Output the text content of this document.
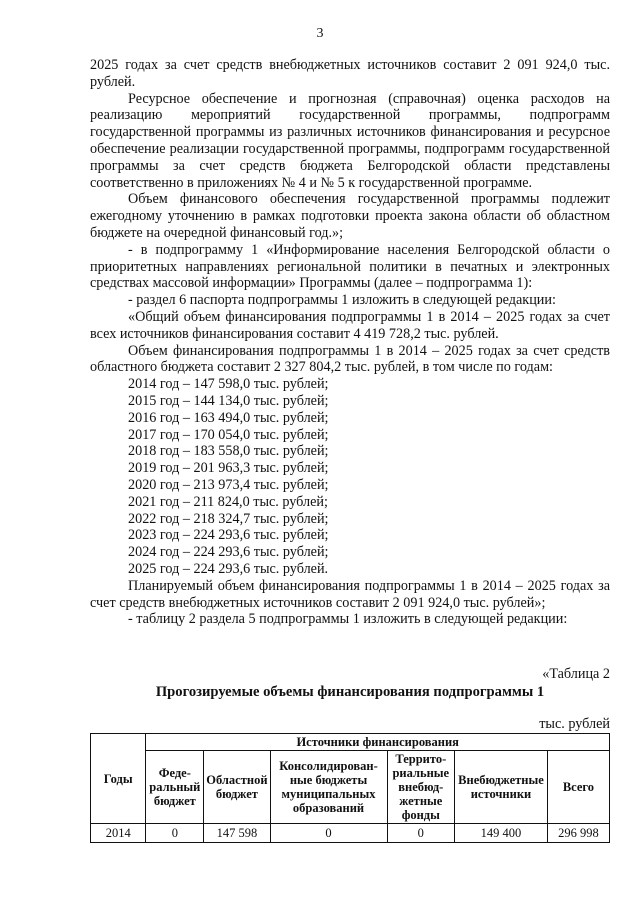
3

2025 годах за счет средств внебюджетных источников составит 2 091 924,0 тыс. рублей.

Ресурсное обеспечение и прогнозная (справочная) оценка расходов на реализацию мероприятий государственной программы, подпрограмм государственной программы из различных источников финансирования и ресурсное обеспечение реализации государственной программы, подпрограмм государственной программы за счет средств бюджета Белгородской области представлены соответственно в приложениях № 4 и № 5 к государственной программе.

Объем финансового обеспечения государственной программы подлежит ежегодному уточнению в рамках подготовки проекта закона области об областном бюджете на очередной финансовый год.»;

- в подпрограмму 1 «Информирование населения Белгородской области о приоритетных направлениях региональной политики в печатных и электронных средствах массовой информации» Программы (далее – подпрограмма 1):

- раздел 6 паспорта подпрограммы 1 изложить в следующей редакции:

«Общий объем финансирования подпрограммы 1 в 2014 – 2025 годах за счет всех источников финансирования составит 4 419 728,2 тыс. рублей.

Объем финансирования подпрограммы 1 в 2014 – 2025 годах за счет средств областного бюджета составит 2 327 804,2 тыс. рублей, в том числе по годам:

2014 год – 147 598,0 тыс. рублей;
2015 год – 144 134,0 тыс. рублей;
2016 год – 163 494,0 тыс. рублей;
2017 год – 170 054,0 тыс. рублей;
2018 год – 183 558,0 тыс. рублей;
2019 год – 201 963,3 тыс. рублей;
2020 год – 213 973,4 тыс. рублей;
2021 год – 211 824,0 тыс. рублей;
2022 год – 218 324,7 тыс. рублей;
2023 год – 224 293,6 тыс. рублей;
2024 год – 224 293,6 тыс. рублей;
2025 год – 224 293,6 тыс. рублей.

Планируемый объем финансирования подпрограммы 1 в 2014 – 2025 годах за счет средств внебюджетных источников составит 2 091 924,0 тыс. рублей»;

- таблицу 2 раздела 5 подпрограммы 1 изложить в следующей редакции:

«Таблица 2
Прогозируемые объемы финансирования подпрограммы 1
тыс. рублей
Годы	Источники финансирования					
	Феде-ральный бюджет	Областной бюджет	Консолидирован-ные бюджеты муниципальных образований	Террито-риальные внебюд-жетные фонды	Внебюджетные источники	Всего
2014	0	147 598	0	0	149 400	296 998
